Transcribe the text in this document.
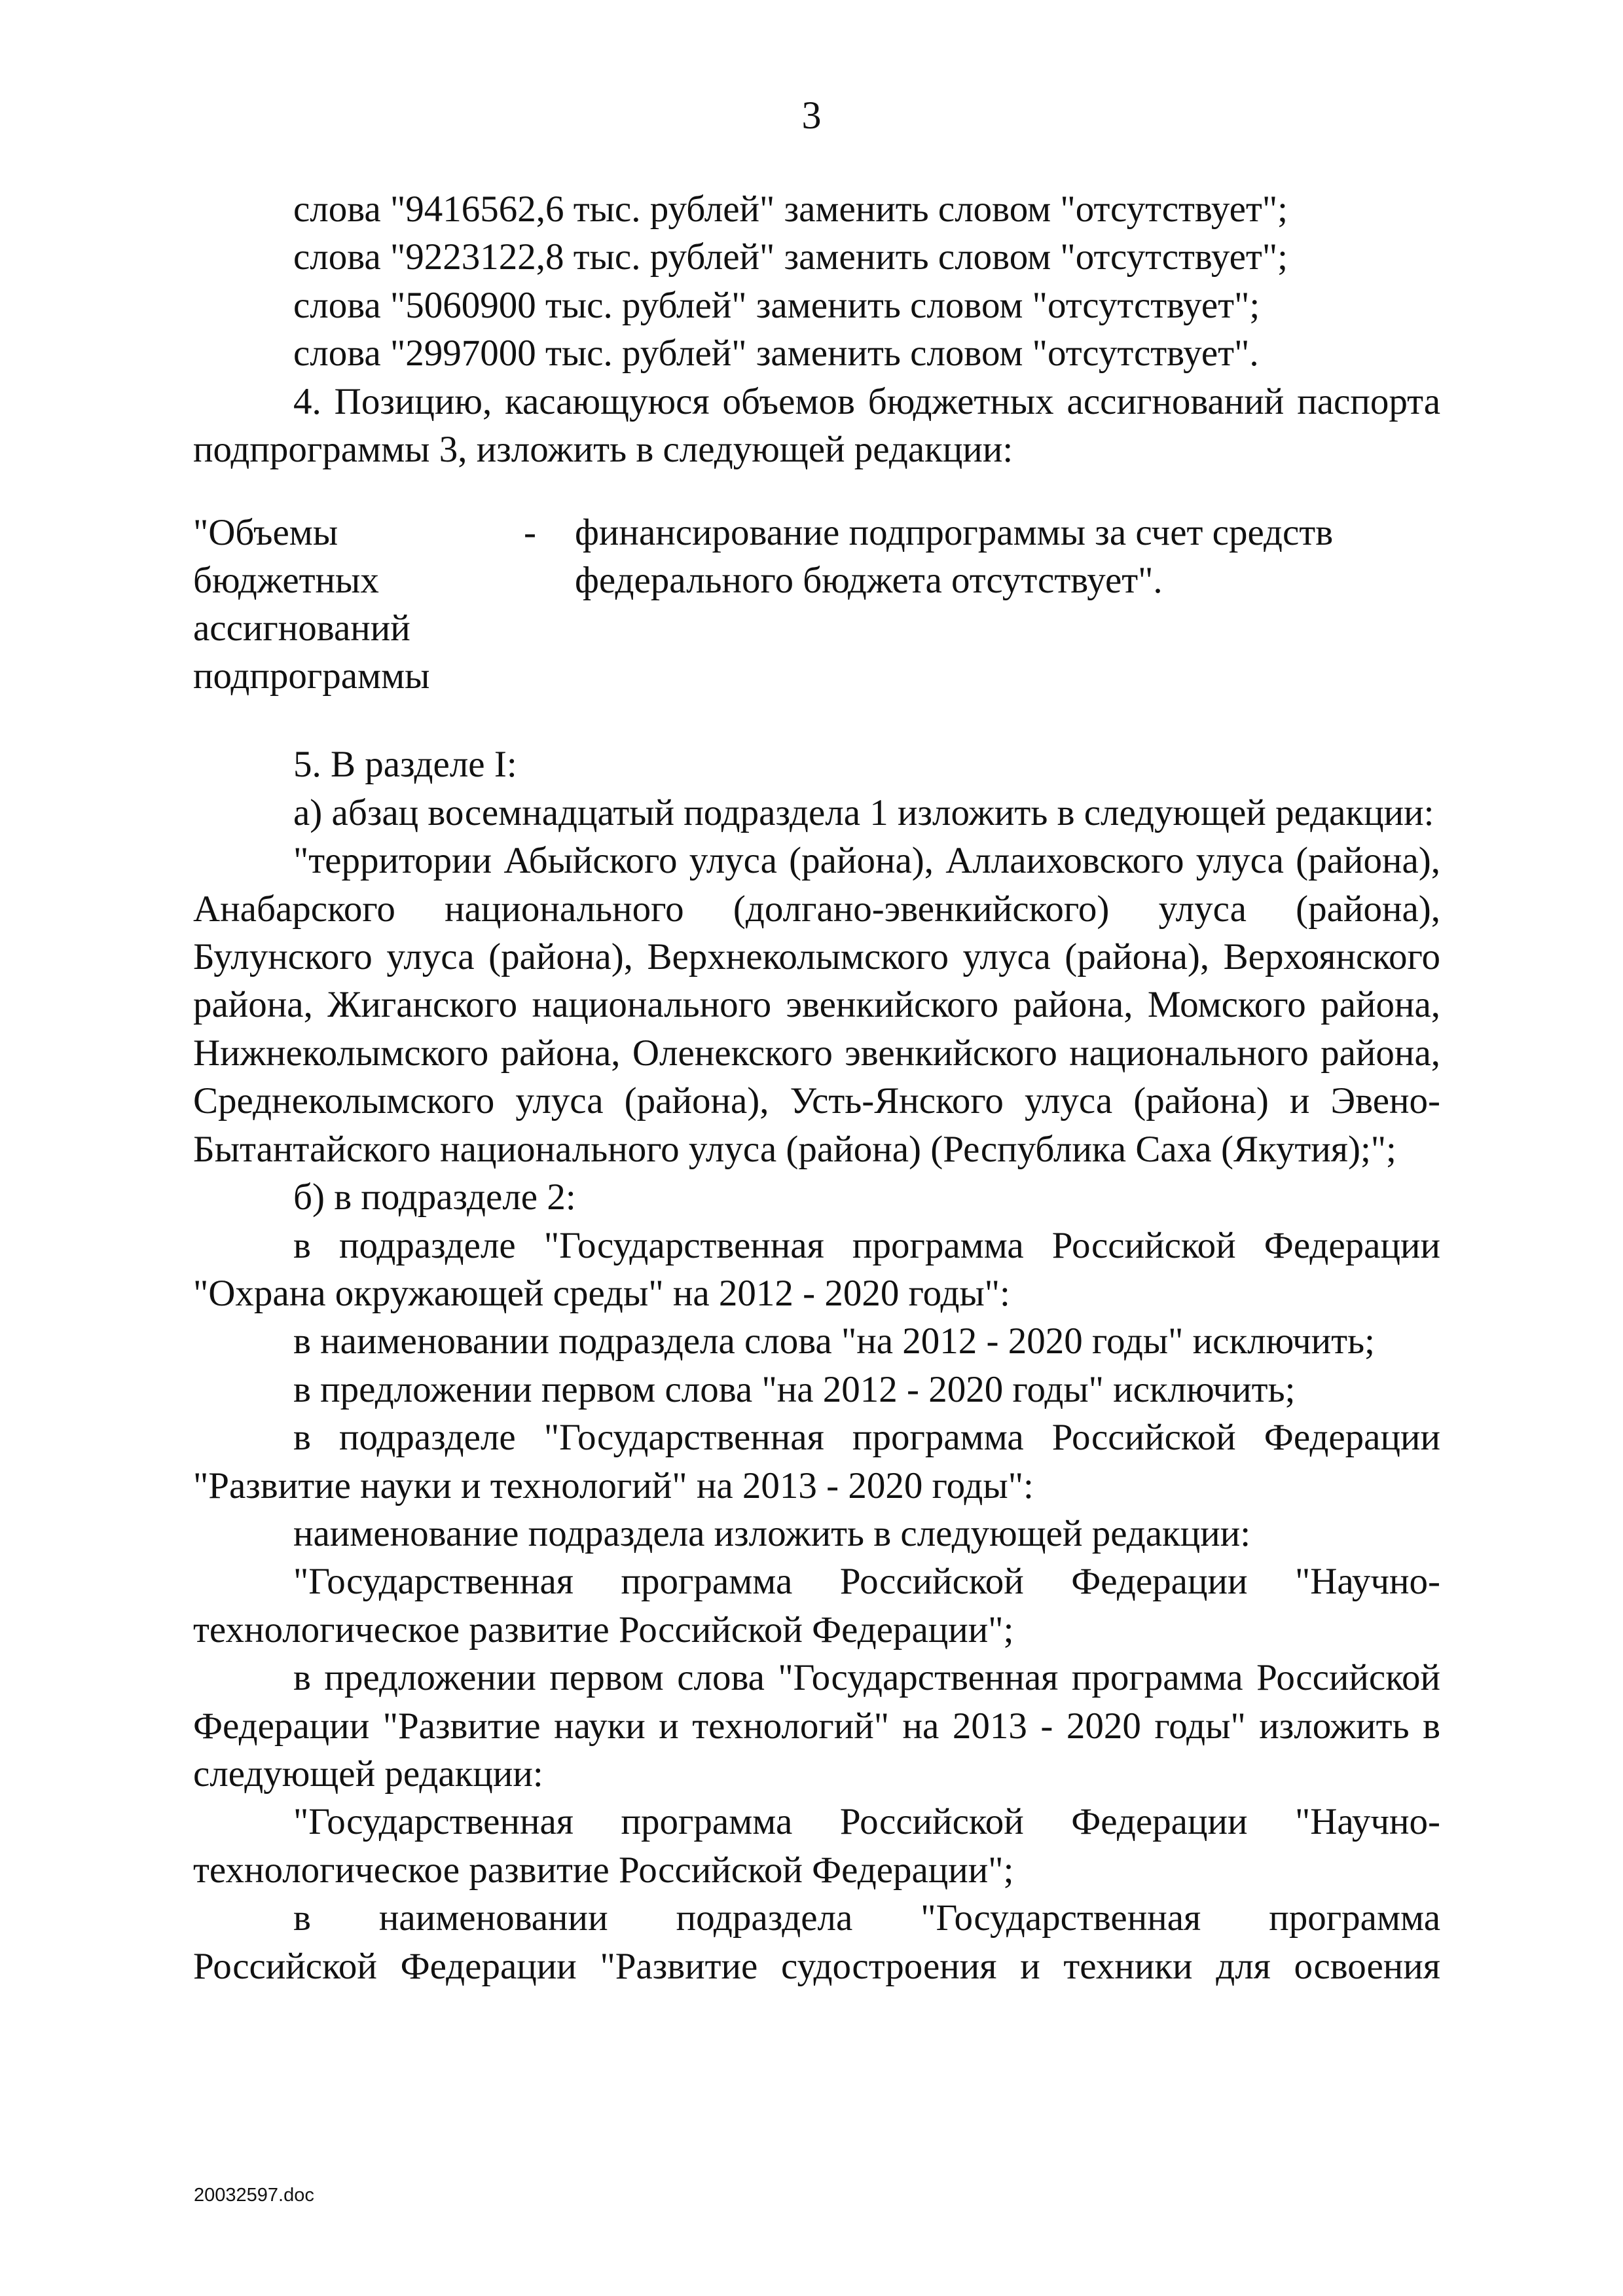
3

слова "9416562,6 тыс. рублей" заменить словом "отсутствует";

слова "9223122,8 тыс. рублей" заменить словом "отсутствует";

слова "5060900 тыс. рублей" заменить словом "отсутствует";

слова "2997000 тыс. рублей" заменить словом "отсутствует".

4. Позицию, касающуюся объемов бюджетных ассигнований паспорта подпрограммы 3, изложить в следующей редакции:

"Объемы бюджетных ассигнований подпрограммы
-	финансирование подпрограммы за счет средств федерального бюджета отсутствует".

5. В разделе I:

а) абзац восемнадцатый подраздела 1 изложить в следующей редакции:

"территории Абыйского улуса (района), Аллаиховского улуса (района), Анабарского национального (долгано-эвенкийского) улуса (района), Булунского улуса (района), Верхнеколымского улуса (района), Верхоянского района, Жиганского национального эвенкийского района, Момского района, Нижнеколымского района, Оленекского эвенкийского национального района, Среднеколымского улуса (района), Усть-Янского улуса (района) и Эвено-Бытантайского национального улуса (района) (Республика Саха (Якутия);";

б) в подразделе 2:

в подразделе "Государственная программа Российской Федерации "Охрана окружающей среды" на 2012 - 2020 годы":

в наименовании подраздела слова "на 2012 - 2020 годы" исключить;

в предложении первом слова "на 2012 - 2020 годы" исключить;

в подразделе "Государственная программа Российской Федерации "Развитие науки и технологий" на 2013 - 2020 годы":

наименование подраздела изложить в следующей редакции:

"Государственная программа Российской Федерации "Научно-технологическое развитие Российской Федерации";

в предложении первом слова "Государственная программа Российской Федерации "Развитие науки и технологий" на 2013 - 2020 годы" изложить в следующей редакции:

"Государственная программа Российской Федерации "Научно-технологическое развитие Российской Федерации";

в наименовании подраздела "Государственная программа

Российской Федерации "Развитие судостроения и техники для освоения

20032597.doc
